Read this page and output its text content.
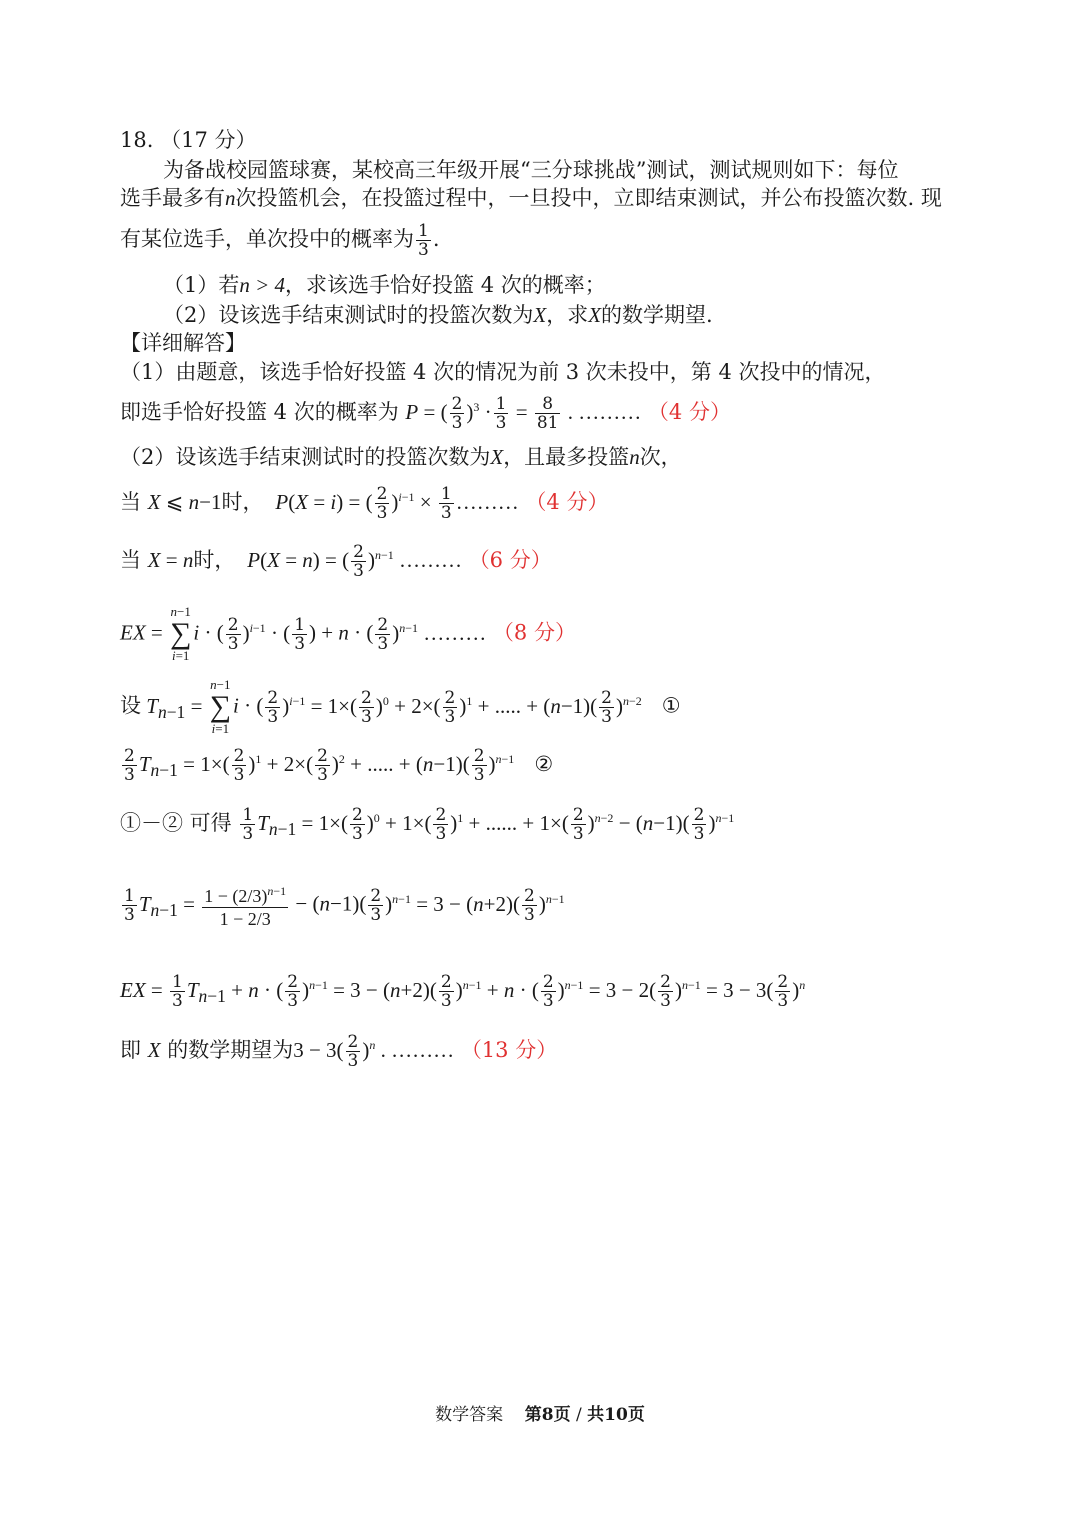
18. （17 分）
为备战校园篮球赛，某校高三年级开展“三分球挑战”测试，测试规则如下：每位
选手最多有n次投篮机会，在投篮过程中，一旦投中，立即结束测试，并公布投篮次数. 现
有某位选手，单次投中的概率为 $\frac{1}{3}$ .
（1）若n > 4，求该选手恰好投篮 4 次的概率；
（2）设该选手结束测试时的投篮次数为X，求X的数学期望.
【详细解答】
（1）由题意，该选手恰好投篮 4 次的情况为前 3 次未投中，第 4 次投中的情况，
即选手恰好投篮 4 次的概率为 P = ( $\frac{2}{3} )^3 \cdot \frac{1}{3} = \frac{8}{81}$ . ……… （4 分）
（2）设该选手结束测试时的投篮次数为X，且最多投篮n次，
当 X ⩽ n−1时， P(X = i) = ( $\frac{2}{3} )^{i-1} \times \frac{1}{3}$ ……… （4 分）
当 X = n时， P(X = n) = ( $\frac{2}{3} )^{n-1}$ ……… （6 分）
EX = n−1
∑
i=1i · ( $\frac{2}{3} )^{i-1}$ · ( $\frac{1}{3}$ ) + n · ( $\frac{2}{3} )^{n-1}$ ……… （8 分）
设 $T_{n-1} = n-1$
∑
i=1i · ( $\frac{2}{3} )^{i-1} = 1\times( \frac{2}{3} )^0 + 2\times( \frac{2}{3} )^1$ + ..... + $(n-1)( \frac{2}{3} )^{n-2}$ ①
$\frac{2}{3} T_{n-1} = 1\times( \frac{2}{3} )^1 + 2\times( \frac{2}{3} )^2$ + ..... + $(n-1)( \frac{2}{3} )^{n-1}$ ②
①－② 可得 $\frac{1}{3} T_{n-1} = 1\times( \frac{2}{3} )^0 + 1\times( \frac{2}{3} )^1$ + ...... + $1\times( \frac{2}{3} )^{n-2} - (n-1)( \frac{2}{3} )^{n-1}$
$\frac{1}{3} T_{n-1} = \frac{1 - (2/3)^{n-1}}{1 - 2/3} - (n-1)( \frac{2}{3} )^{n-1} = 3 - (n+2)( \frac{2}{3} )^{n-1}$
EX = $\frac{1}{3} T_{n-1} + n$ · ( $\frac{2}{3} )^{n-1} = 3 - (n+2)( \frac{2}{3} )^{n-1} + n$ · ( $\frac{2}{3} )^{n-1} = 3 - 2( \frac{2}{3} )^{n-1} = 3 - 3( \frac{2}{3} )^n$
即 X 的数学期望为$3 - 3( \frac{2}{3} )^n$ . ……… （13 分）
数学答案 第8页 / 共10页
